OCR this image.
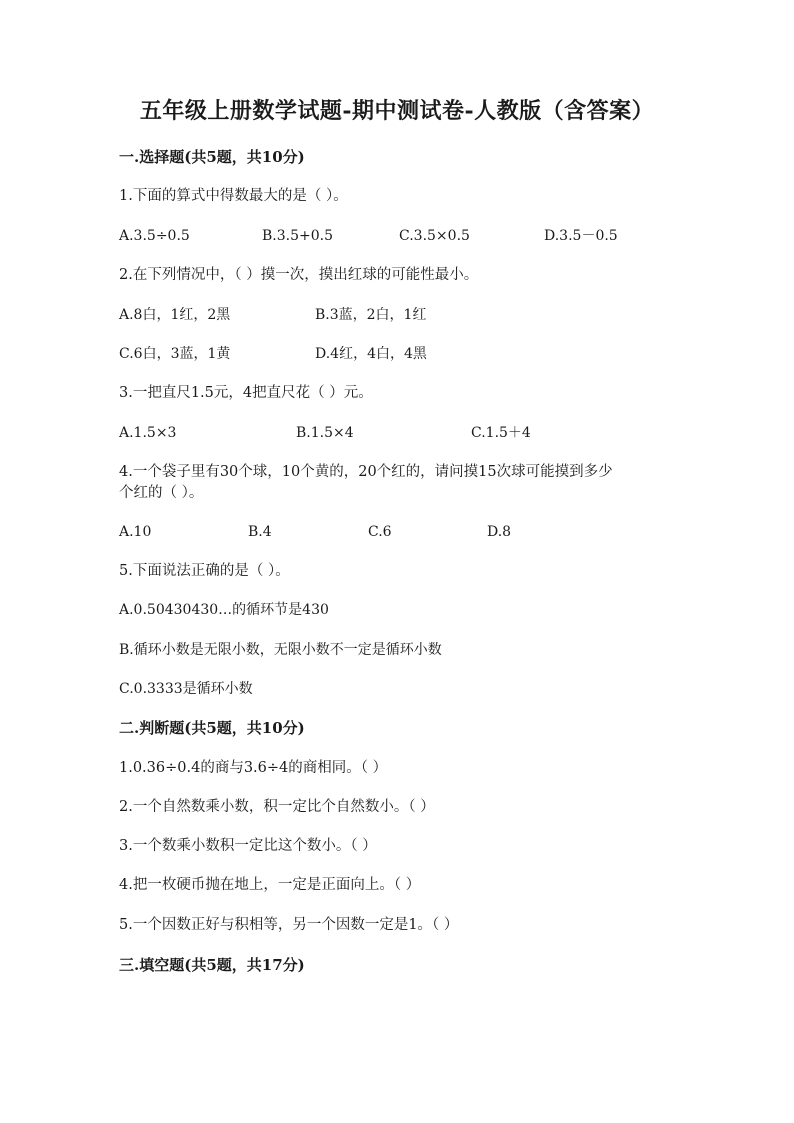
五年级上册数学试题-期中测试卷-人教版（含答案）
一.选择题(共5题，共10分)
1.下面的算式中得数最大的是（ ）。
A.3.5÷0.5	B.3.5+0.5	C.3.5×0.5	D.3.5－0.5
2.在下列情况中，（ ）摸一次，摸出红球的可能性最小。
A.8白，1红，2黑	B.3蓝，2白，1红
C.6白，3蓝，1黄	D.4红，4白，4黑
3.一把直尺1.5元，4把直尺花（ ）元。
A.1.5×3	B.1.5×4	C.1.5＋4
4.一个袋子里有30个球，10个黄的，20个红的，请问摸15次球可能摸到多少
个红的（ ）。
A.10	B.4	C.6	D.8
5.下面说法正确的是（ ）。
A.0.50430430…的循环节是430
B.循环小数是无限小数，无限小数不一定是循环小数
C.0.3333是循环小数
二.判断题(共5题，共10分)
1.0.36÷0.4的商与3.6÷4的商相同。（ ）
2.一个自然数乘小数，积一定比个自然数小。（ ）
3.一个数乘小数积一定比这个数小。（ ）
4.把一枚硬币抛在地上，一定是正面向上。（ ）
5.一个因数正好与积相等，另一个因数一定是1。（ ）
三.填空题(共5题，共17分)
